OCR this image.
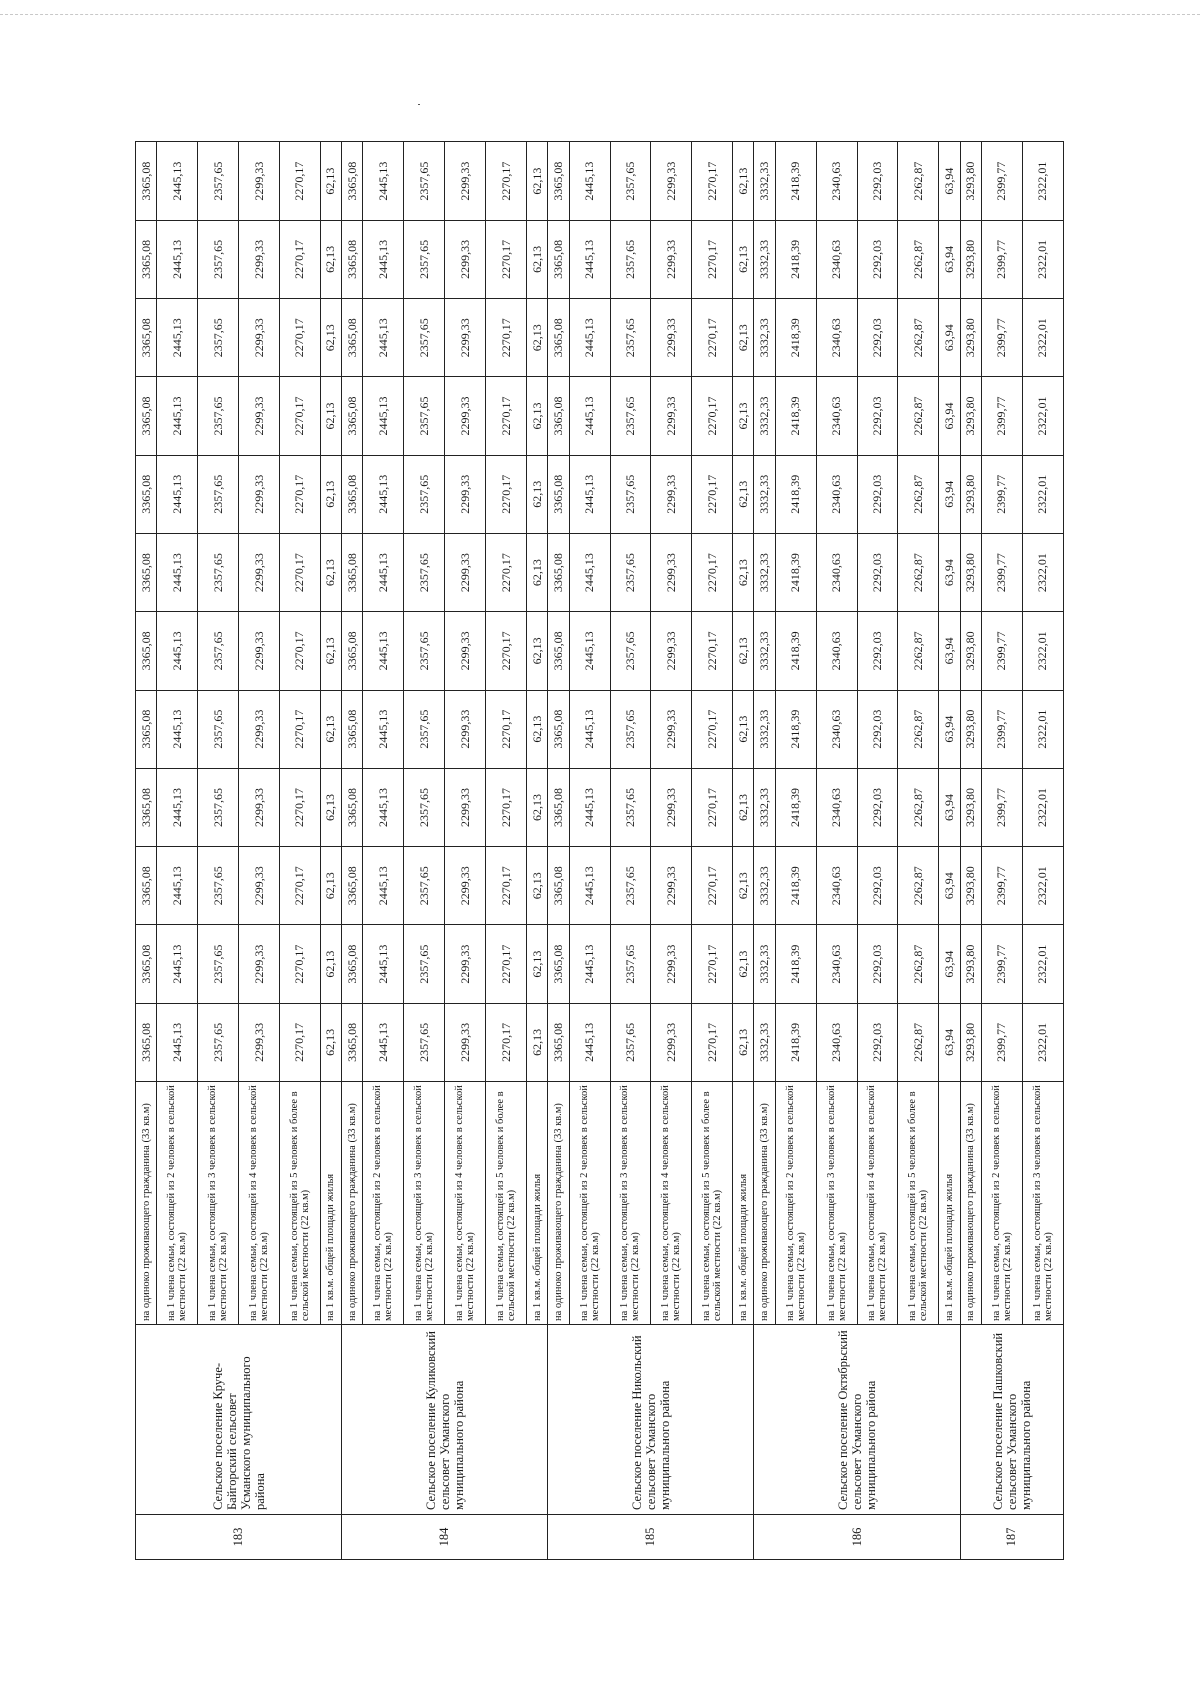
183	Сельское поселение Круче-Байгорский сельсовет Усманского муниципального района	на одиноко проживающего гражданина (33 кв.м)	3365,08	3365,08	3365,08	3365,08	3365,08	3365,08	3365,08	3365,08	3365,08	3365,08	3365,08	3365,08
		на 1 члена семьи, состоящей из 2 человек в сельской местности (22 кв.м)	2445,13	2445,13	2445,13	2445,13	2445,13	2445,13	2445,13	2445,13	2445,13	2445,13	2445,13	2445,13
		на 1 члена семьи, состоящей из 3 человек в сельской местности (22 кв.м)	2357,65	2357,65	2357,65	2357,65	2357,65	2357,65	2357,65	2357,65	2357,65	2357,65	2357,65	2357,65
		на 1 члена семьи, состоящей из 4 человек в сельской местности (22 кв.м)	2299,33	2299,33	2299,33	2299,33	2299,33	2299,33	2299,33	2299,33	2299,33	2299,33	2299,33	2299,33
		на 1 члена семьи, состоящей из 5 человек и более в сельской местности (22 кв.м)	2270,17	2270,17	2270,17	2270,17	2270,17	2270,17	2270,17	2270,17	2270,17	2270,17	2270,17	2270,17
		на 1 кв.м. общей площади жилья	62,13	62,13	62,13	62,13	62,13	62,13	62,13	62,13	62,13	62,13	62,13	62,13
184	Сельское поселение Куликовский сельсовет Усманского муниципального района	на одиноко проживающего гражданина (33 кв.м)	3365,08	3365,08	3365,08	3365,08	3365,08	3365,08	3365,08	3365,08	3365,08	3365,08	3365,08	3365,08
		на 1 члена семьи, состоящей из 2 человек в сельской местности (22 кв.м)	2445,13	2445,13	2445,13	2445,13	2445,13	2445,13	2445,13	2445,13	2445,13	2445,13	2445,13	2445,13
		на 1 члена семьи, состоящей из 3 человек в сельской местности (22 кв.м)	2357,65	2357,65	2357,65	2357,65	2357,65	2357,65	2357,65	2357,65	2357,65	2357,65	2357,65	2357,65
		на 1 члена семьи, состоящей из 4 человек в сельской местности (22 кв.м)	2299,33	2299,33	2299,33	2299,33	2299,33	2299,33	2299,33	2299,33	2299,33	2299,33	2299,33	2299,33
		на 1 члена семьи, состоящей из 5 человек и более в сельской местности (22 кв.м)	2270,17	2270,17	2270,17	2270,17	2270,17	2270,17	2270,17	2270,17	2270,17	2270,17	2270,17	2270,17
		на 1 кв.м. общей площади жилья	62,13	62,13	62,13	62,13	62,13	62,13	62,13	62,13	62,13	62,13	62,13	62,13
185	Сельское поселение Никольский сельсовет Усманского муниципального района	на одиноко проживающего гражданина (33 кв.м)	3365,08	3365,08	3365,08	3365,08	3365,08	3365,08	3365,08	3365,08	3365,08	3365,08	3365,08	3365,08
		на 1 члена семьи, состоящей из 2 человек в сельской местности (22 кв.м)	2445,13	2445,13	2445,13	2445,13	2445,13	2445,13	2445,13	2445,13	2445,13	2445,13	2445,13	2445,13
		на 1 члена семьи, состоящей из 3 человек в сельской местности (22 кв.м)	2357,65	2357,65	2357,65	2357,65	2357,65	2357,65	2357,65	2357,65	2357,65	2357,65	2357,65	2357,65
		на 1 члена семьи, состоящей из 4 человек в сельской местности (22 кв.м)	2299,33	2299,33	2299,33	2299,33	2299,33	2299,33	2299,33	2299,33	2299,33	2299,33	2299,33	2299,33
		на 1 члена семьи, состоящей из 5 человек и более в сельской местности (22 кв.м)	2270,17	2270,17	2270,17	2270,17	2270,17	2270,17	2270,17	2270,17	2270,17	2270,17	2270,17	2270,17
		на 1 кв.м. общей площади жилья	62,13	62,13	62,13	62,13	62,13	62,13	62,13	62,13	62,13	62,13	62,13	62,13
186	Сельское поселение Октябрьский сельсовет Усманского муниципального района	на одиноко проживающего гражданина (33 кв.м)	3332,33	3332,33	3332,33	3332,33	3332,33	3332,33	3332,33	3332,33	3332,33	3332,33	3332,33	3332,33
		на 1 члена семьи, состоящей из 2 человек в сельской местности (22 кв.м)	2418,39	2418,39	2418,39	2418,39	2418,39	2418,39	2418,39	2418,39	2418,39	2418,39	2418,39	2418,39
		на 1 члена семьи, состоящей из 3 человек в сельской местности (22 кв.м)	2340,63	2340,63	2340,63	2340,63	2340,63	2340,63	2340,63	2340,63	2340,63	2340,63	2340,63	2340,63
		на 1 члена семьи, состоящей из 4 человек в сельской местности (22 кв.м)	2292,03	2292,03	2292,03	2292,03	2292,03	2292,03	2292,03	2292,03	2292,03	2292,03	2292,03	2292,03
		на 1 члена семьи, состоящей из 5 человек и более в сельской местности (22 кв.м)	2262,87	2262,87	2262,87	2262,87	2262,87	2262,87	2262,87	2262,87	2262,87	2262,87	2262,87	2262,87
		на 1 кв.м. общей площади жилья	63,94	63,94	63,94	63,94	63,94	63,94	63,94	63,94	63,94	63,94	63,94	63,94
187	Сельское поселение Пашковский сельсовет Усманского муниципального района	на одиноко проживающего гражданина (33 кв.м)	3293,80	3293,80	3293,80	3293,80	3293,80	3293,80	3293,80	3293,80	3293,80	3293,80	3293,80	3293,80
		на 1 члена семьи, состоящей из 2 человек в сельской местности (22 кв.м)	2399,77	2399,77	2399,77	2399,77	2399,77	2399,77	2399,77	2399,77	2399,77	2399,77	2399,77	2399,77
		на 1 члена семьи, состоящей из 3 человек в сельской местности (22 кв.м)	2322,01	2322,01	2322,01	2322,01	2322,01	2322,01	2322,01	2322,01	2322,01	2322,01	2322,01	2322,01
